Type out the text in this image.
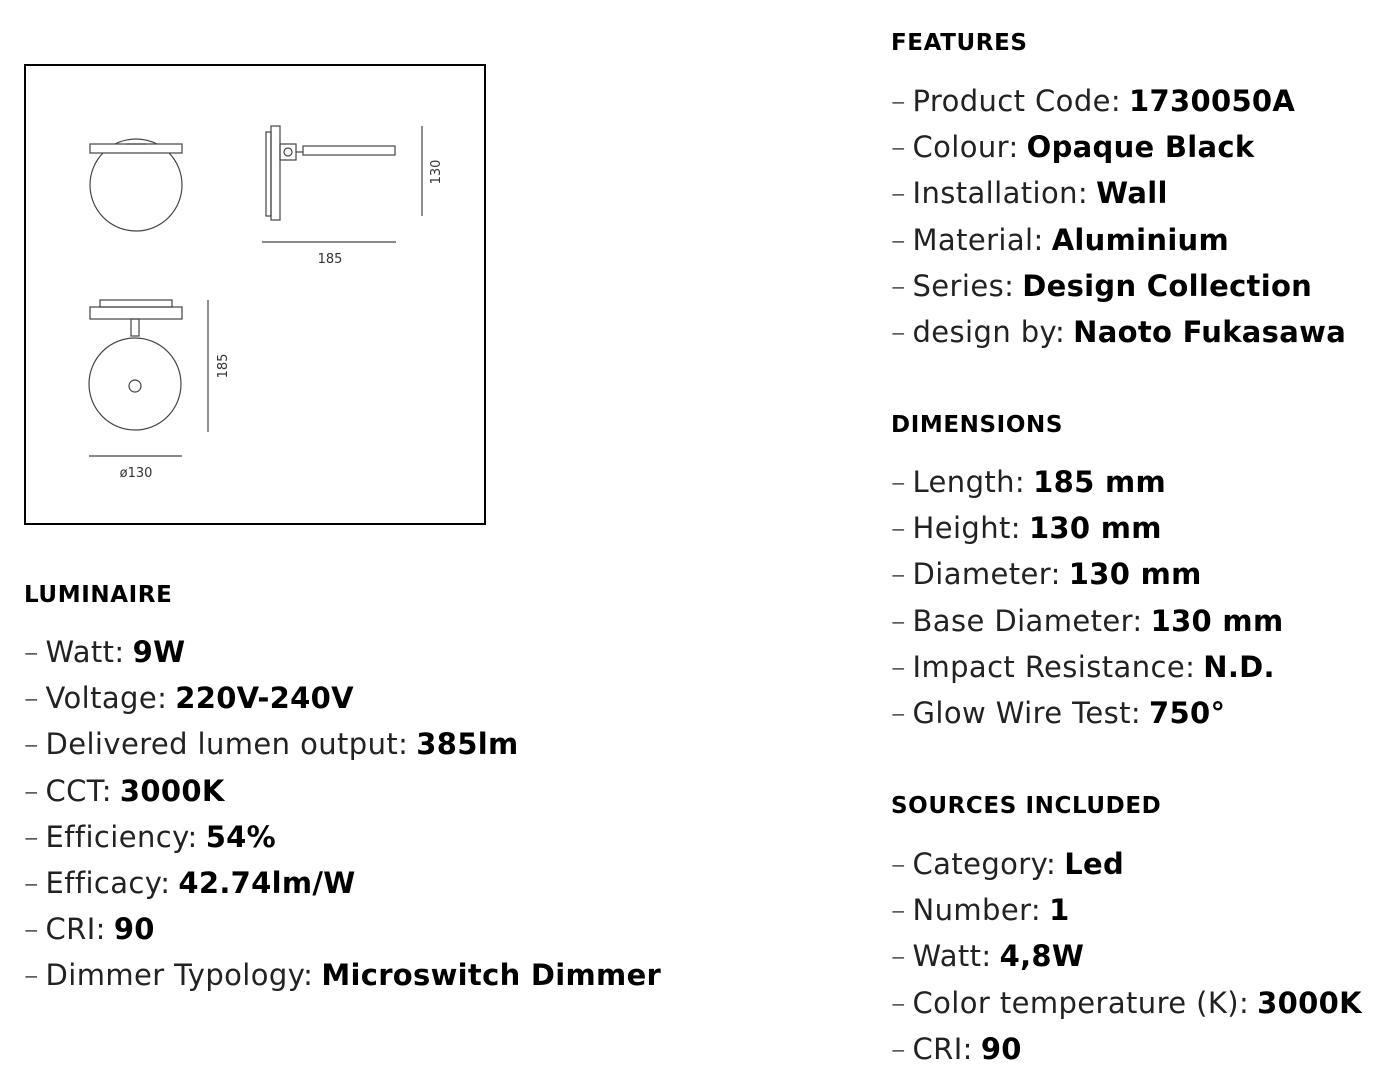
130
185
185
ø130
LUMINAIRE
– Watt: 9W
– Voltage: 220V-240V
– Delivered lumen output: 385lm
– CCT: 3000K
– Efficiency: 54%
– Efficacy: 42.74lm/W
– CRI: 90
– Dimmer Typology: Microswitch Dimmer
FEATURES
– Product Code: 1730050A
– Colour: Opaque Black
– Installation: Wall
– Material: Aluminium
– Series: Design Collection
– design by: Naoto Fukasawa
DIMENSIONS
– Length: 185 mm
– Height: 130 mm
– Diameter: 130 mm
– Base Diameter: 130 mm
– Impact Resistance: N.D.
– Glow Wire Test: 750°
SOURCES INCLUDED
– Category: Led
– Number: 1
– Watt: 4,8W
– Color temperature (K): 3000K
– CRI: 90
